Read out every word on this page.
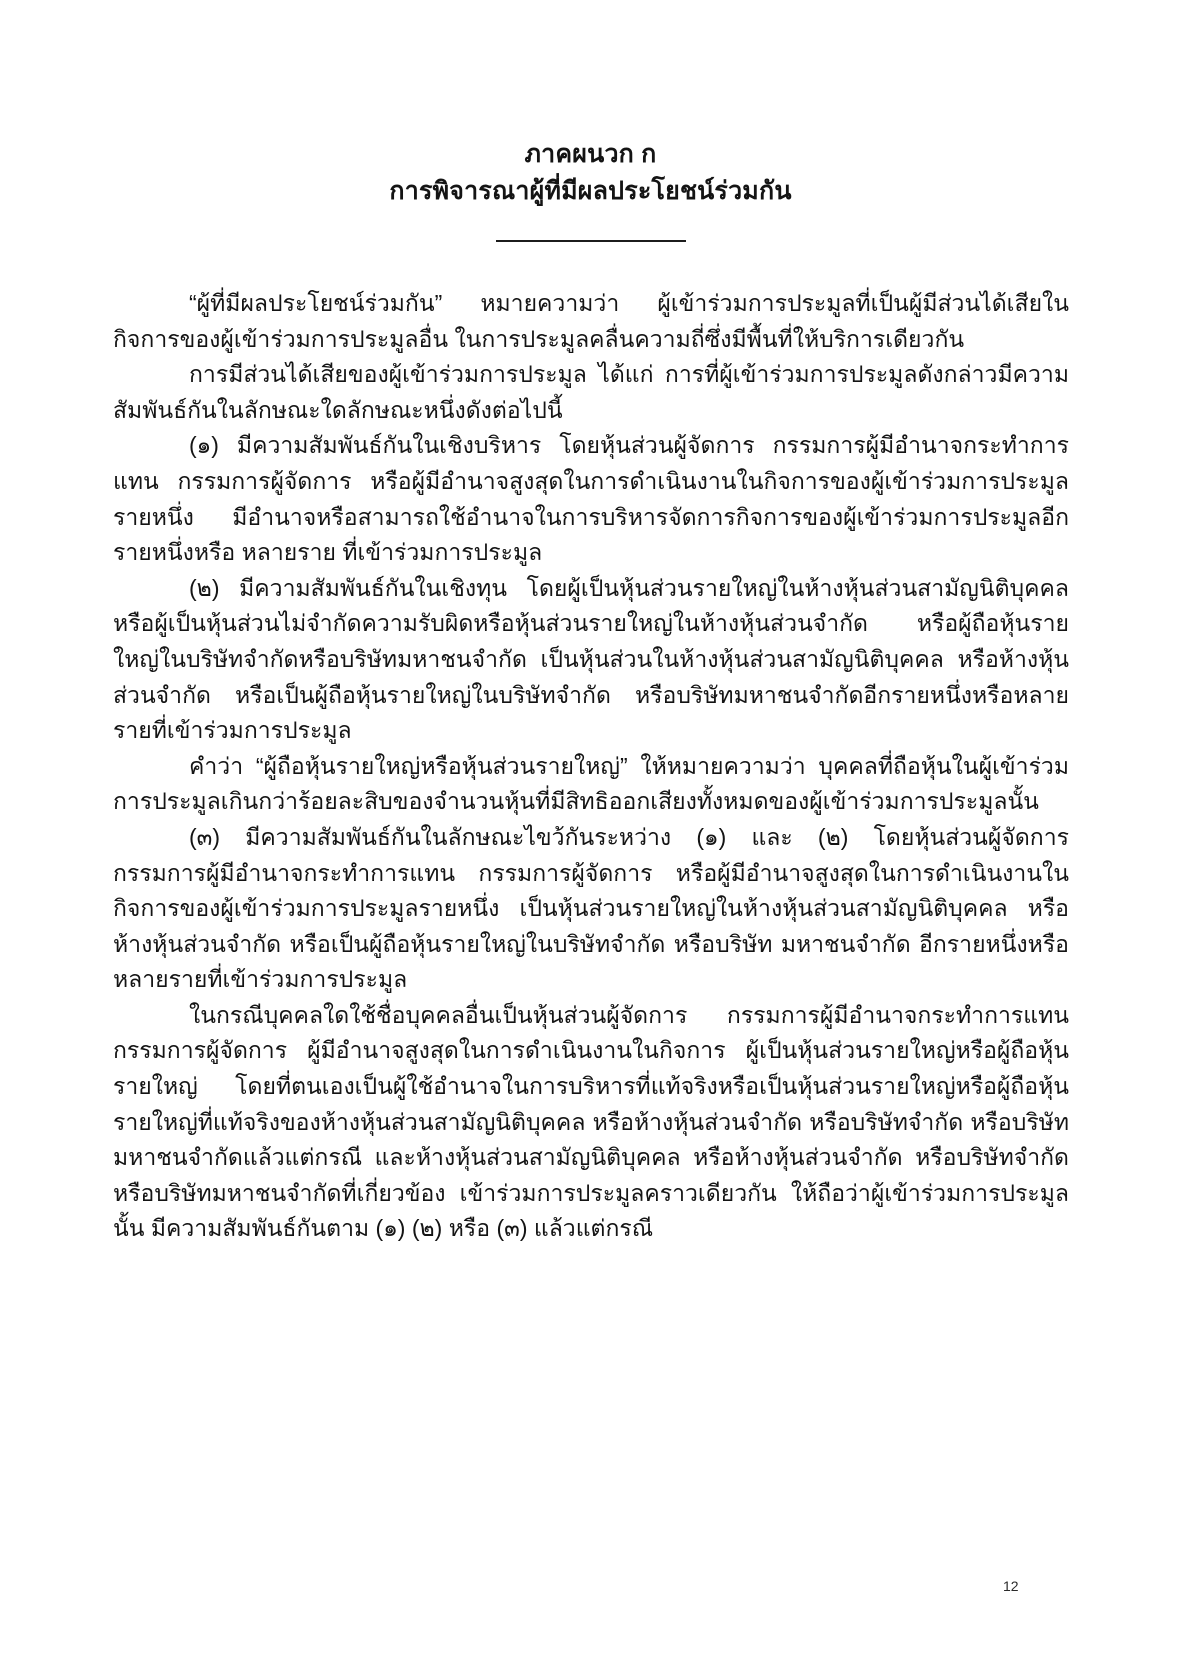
ภาคผนวก ก
การพิจารณาผู้ที่มีผลประโยชน์ร่วมกัน

“ผู้ที่มีผลประโยชน์ร่วมกัน” หมายความว่า ผู้เข้าร่วมการประมูลที่เป็นผู้มีส่วนได้เสียในกิจการของผู้เข้าร่วมการประมูลอื่น ในการประมูลคลื่นความถี่ซึ่งมีพื้นที่ให้บริการเดียวกัน

การมีส่วนได้เสียของผู้เข้าร่วมการประมูล ได้แก่ การที่ผู้เข้าร่วมการประมูลดังกล่าวมีความสัมพันธ์กันในลักษณะใดลักษณะหนึ่งดังต่อไปนี้

(๑) มีความสัมพันธ์กันในเชิงบริหาร โดยหุ้นส่วนผู้จัดการ กรรมการผู้มีอำนาจกระทำการแทน กรรมการผู้จัดการ หรือผู้มีอำนาจสูงสุดในการดำเนินงานในกิจการของผู้เข้าร่วมการประมูลรายหนึ่ง มีอำนาจหรือสามารถใช้อำนาจในการบริหารจัดการกิจการของผู้เข้าร่วมการประมูลอีกรายหนึ่งหรือ หลายราย ที่เข้าร่วมการประมูล

(๒) มีความสัมพันธ์กันในเชิงทุน โดยผู้เป็นหุ้นส่วนรายใหญ่ในห้างหุ้นส่วนสามัญนิติบุคคล หรือผู้เป็นหุ้นส่วนไม่จำกัดความรับผิดหรือหุ้นส่วนรายใหญ่ในห้างหุ้นส่วนจำกัด หรือผู้ถือหุ้นรายใหญ่ในบริษัทจำกัดหรือบริษัทมหาชนจำกัด เป็นหุ้นส่วนในห้างหุ้นส่วนสามัญนิติบุคคล หรือห้างหุ้นส่วนจำกัด หรือเป็นผู้ถือหุ้นรายใหญ่ในบริษัทจำกัด หรือบริษัทมหาชนจำกัดอีกรายหนึ่งหรือหลายรายที่เข้าร่วมการประมูล

คำว่า “ผู้ถือหุ้นรายใหญ่หรือหุ้นส่วนรายใหญ่” ให้หมายความว่า บุคคลที่ถือหุ้นในผู้เข้าร่วมการประมูลเกินกว่าร้อยละสิบของจำนวนหุ้นที่มีสิทธิออกเสียงทั้งหมดของผู้เข้าร่วมการประมูลนั้น

(๓) มีความสัมพันธ์กันในลักษณะไขว้กันระหว่าง (๑) และ (๒) โดยหุ้นส่วนผู้จัดการ กรรมการผู้มีอำนาจกระทำการแทน กรรมการผู้จัดการ หรือผู้มีอำนาจสูงสุดในการดำเนินงานในกิจการของผู้เข้าร่วมการประมูลรายหนึ่ง เป็นหุ้นส่วนรายใหญ่ในห้างหุ้นส่วนสามัญนิติบุคคล หรือห้างหุ้นส่วนจำกัด หรือเป็นผู้ถือหุ้นรายใหญ่ในบริษัทจำกัด หรือบริษัท มหาชนจำกัด อีกรายหนึ่งหรือหลายรายที่เข้าร่วมการประมูล

ในกรณีบุคคลใดใช้ชื่อบุคคลอื่นเป็นหุ้นส่วนผู้จัดการ กรรมการผู้มีอำนาจกระทำการแทน กรรมการผู้จัดการ ผู้มีอำนาจสูงสุดในการดำเนินงานในกิจการ ผู้เป็นหุ้นส่วนรายใหญ่หรือผู้ถือหุ้นรายใหญ่ โดยที่ตนเองเป็นผู้ใช้อำนาจในการบริหารที่แท้จริงหรือเป็นหุ้นส่วนรายใหญ่หรือผู้ถือหุ้นรายใหญ่ที่แท้จริงของห้างหุ้นส่วนสามัญนิติบุคคล หรือห้างหุ้นส่วนจำกัด หรือบริษัทจำกัด หรือบริษัทมหาชนจำกัดแล้วแต่กรณี และห้างหุ้นส่วนสามัญนิติบุคคล หรือห้างหุ้นส่วนจำกัด หรือบริษัทจำกัด หรือบริษัทมหาชนจำกัดที่เกี่ยวข้อง เข้าร่วมการประมูลคราวเดียวกัน ให้ถือว่าผู้เข้าร่วมการประมูลนั้น มีความสัมพันธ์กันตาม (๑) (๒) หรือ (๓) แล้วแต่กรณี

12
